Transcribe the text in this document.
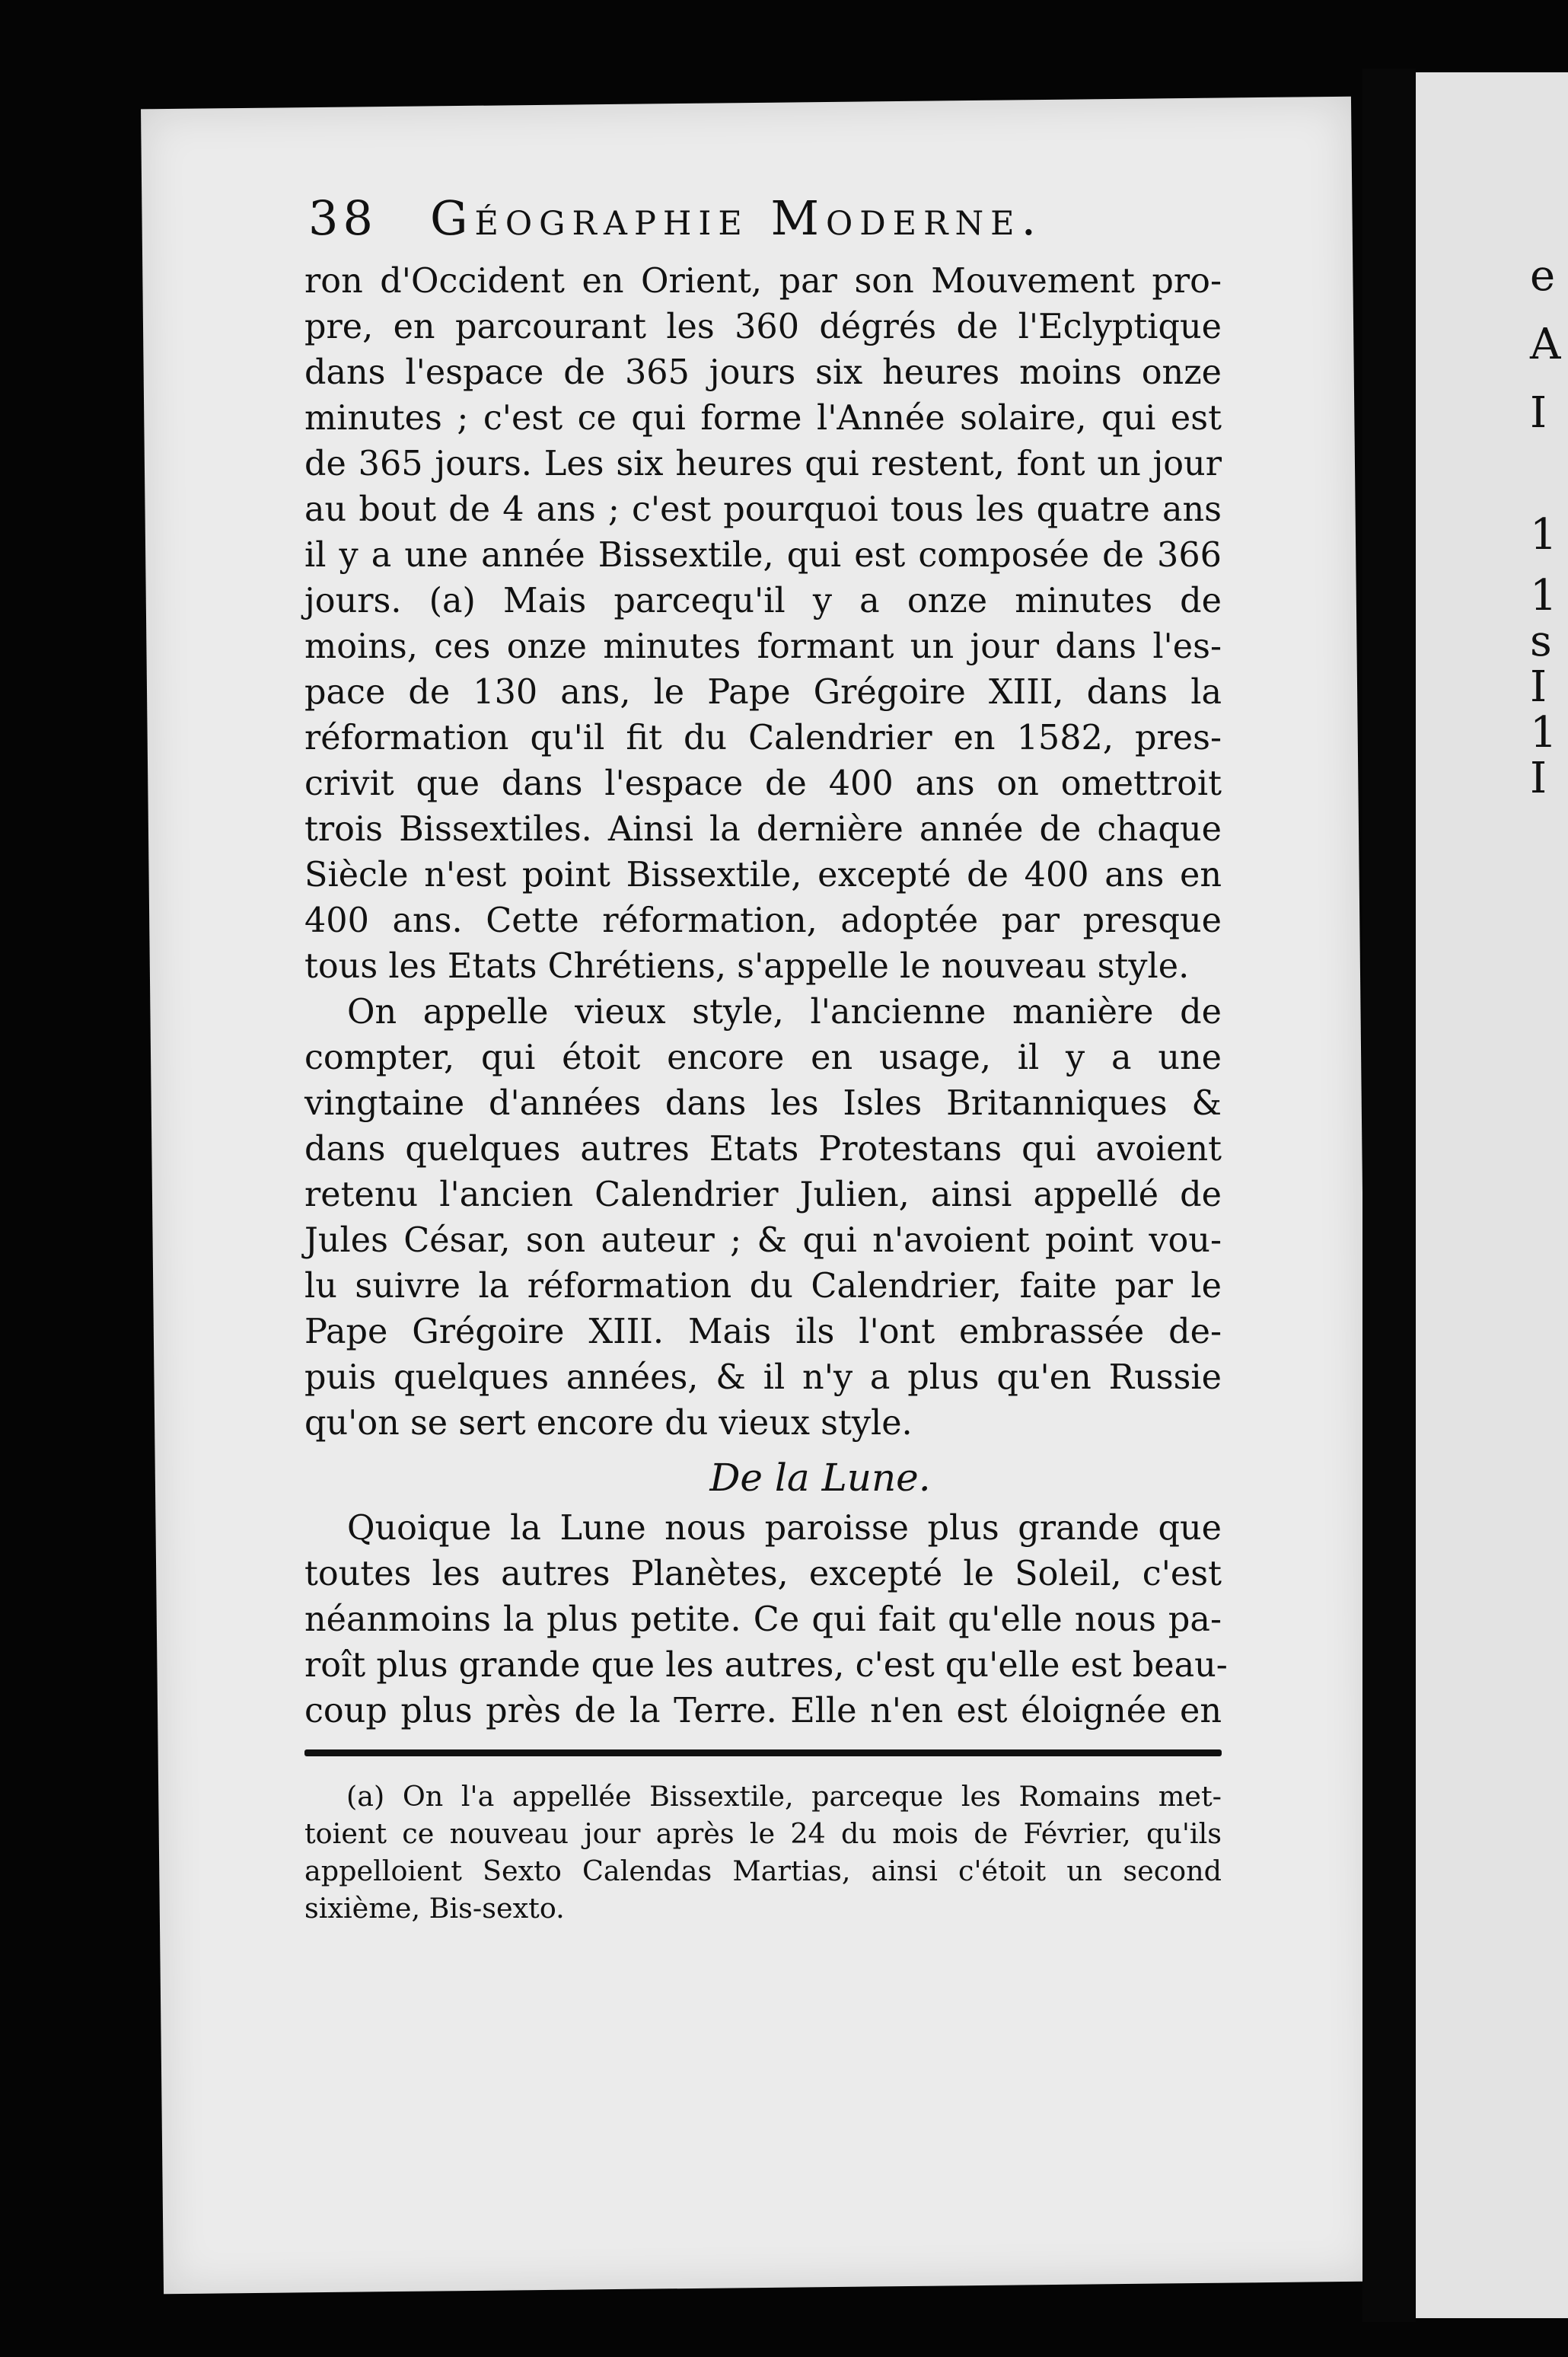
e
A
I
1
1
s
I
1
I
38 Géographie Moderne.

ron d'Occident en Orient, par son Mouvement pro-

pre, en parcourant les 360 dégrés de l'Eclyptique

dans l'espace de 365 jours six heures moins onze

minutes ; c'est ce qui forme l'Année solaire, qui est

de 365 jours. Les six heures qui restent, font un jour

au bout de 4 ans ; c'est pourquoi tous les quatre ans

il y a une année Bissextile, qui est composée de 366

jours. (a) Mais parcequ'il y a onze minutes de

moins, ces onze minutes formant un jour dans l'es-

pace de 130 ans, le Pape Grégoire XIII, dans la

réformation qu'il fit du Calendrier en 1582, pres-

crivit que dans l'espace de 400 ans on omettroit

trois Bissextiles. Ainsi la dernière année de chaque

Siècle n'est point Bissextile, excepté de 400 ans en

400 ans. Cette réformation, adoptée par presque

tous les Etats Chrétiens, s'appelle le nouveau style.

On appelle vieux style, l'ancienne manière de

compter, qui étoit encore en usage, il y a une

vingtaine d'années dans les Isles Britanniques &

dans quelques autres Etats Protestans qui avoient

retenu l'ancien Calendrier Julien, ainsi appellé de

Jules César, son auteur ; & qui n'avoient point vou-

lu suivre la réformation du Calendrier, faite par le

Pape Grégoire XIII. Mais ils l'ont embrassée de-

puis quelques années, & il n'y a plus qu'en Russie

qu'on se sert encore du vieux style.

De la Lune.

Quoique la Lune nous paroisse plus grande que

toutes les autres Planètes, excepté le Soleil, c'est

néanmoins la plus petite. Ce qui fait qu'elle nous pa-

roît plus grande que les autres, c'est qu'elle est beau-

coup plus près de la Terre. Elle n'en est éloignée en

(a) On l'a appellée Bissextile, parceque les Romains met-

toient ce nouveau jour après le 24 du mois de Février, qu'ils

appelloient Sexto Calendas Martias, ainsi c'étoit un second

sixième, Bis-sexto.
